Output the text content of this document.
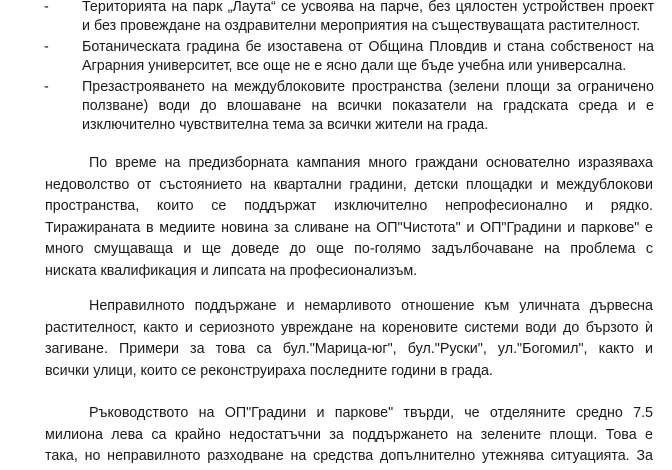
- Територията на парк „Лаута“ се усвоява на парче, без цялостен устройствен проект
и без провеждане на оздравителни мероприятия на съществуващата растителност.
- Ботаническата градина бе изоставена от Община Пловдив и стана собственост на
Аграрния университет, все още не е ясно дали ще бъде учебна или универсална.
- Презастрояването на междублоковите пространства (зелени площи за ограничено
ползване) води до влошаване на всички показатели на градската среда и е
изключително чувствителна тема за всички жители на града.
По време на предизборната кампания много граждани основателно изразяваха
недоволство от състоянието на квартални градини, детски площадки и междублокови
пространства, които се поддържат изключително непрофесионално и рядко.
Тиражираната в медиите новина за сливане на ОП"Чистота" и ОП"Градини и паркове" е
много смущаваща и ще доведе до още по-голямо задълбочаване на проблема с
ниската квалификация и липсата на професионализъм.
Неправилното поддържане и немарливото отношение към уличната дървесна
растителност, както и сериозното увреждане на кореновите системи води до бързото ѝ
загиване. Примери за това са бул."Марица-юг", бул."Руски", ул."Богомил", както и
всички улици, които се реконструираха последните години в града.
Ръководството на ОП"Градини и паркове" твърди, че отделяните средно 7.5
милиона лева са крайно недостатъчни за поддържането на зелените площи. Това е
така, но неправилното разходване на средства допълнително утежнява ситуацията. За
